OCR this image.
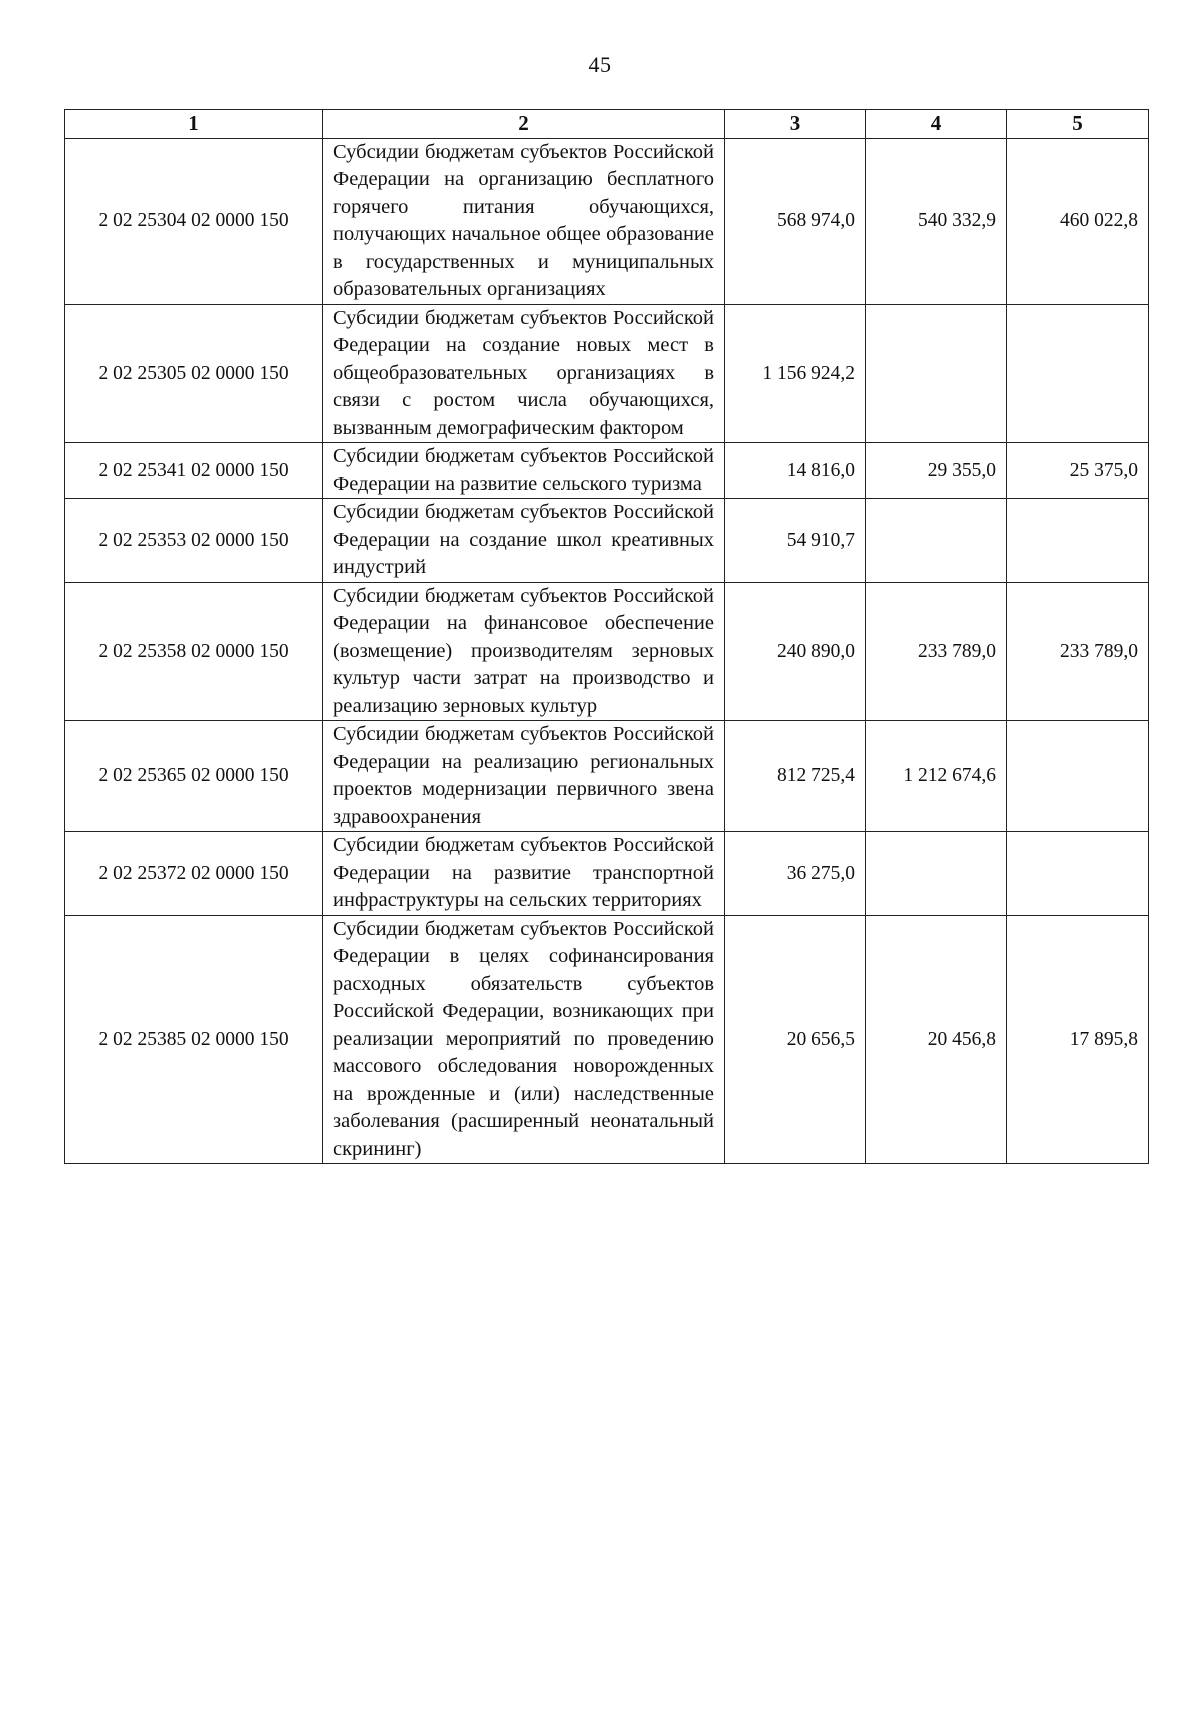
45
1	2	3	4	5
2 02 25304 02 0000 150	Субсидии бюджетам субъектов Российской Федерации на организацию бесплатного горячего питания обучающихся, получающих начальное общее образование в государственных и муниципальных образовательных организациях	568 974,0	540 332,9	460 022,8
2 02 25305 02 0000 150	Субсидии бюджетам субъектов Российской Федерации на создание новых мест в общеобразовательных организациях в связи с ростом числа обучающихся, вызванным демографическим фактором	1 156 924,2		
2 02 25341 02 0000 150	Субсидии бюджетам субъектов Российской Федерации на развитие сельского туризма	14 816,0	29 355,0	25 375,0
2 02 25353 02 0000 150	Субсидии бюджетам субъектов Российской Федерации на создание школ креативных индустрий	54 910,7		
2 02 25358 02 0000 150	Субсидии бюджетам субъектов Российской Федерации на финансовое обеспечение (возмещение) производителям зерновых культур части затрат на производство и реализацию зерновых культур	240 890,0	233 789,0	233 789,0
2 02 25365 02 0000 150	Субсидии бюджетам субъектов Российской Федерации на реализацию региональных проектов модернизации первичного звена здравоохранения	812 725,4	1 212 674,6	
2 02 25372 02 0000 150	Субсидии бюджетам субъектов Российской Федерации на развитие транспортной инфраструктуры на сельских территориях	36 275,0		
2 02 25385 02 0000 150	Субсидии бюджетам субъектов Российской Федерации в целях софинансирования расходных обязательств субъектов Российской Федерации, возникающих при реализации мероприятий по проведению массового обследования новорожденных на врожденные и (или) наследственные заболевания (расширенный неонатальный скрининг)	20 656,5	20 456,8	17 895,8
